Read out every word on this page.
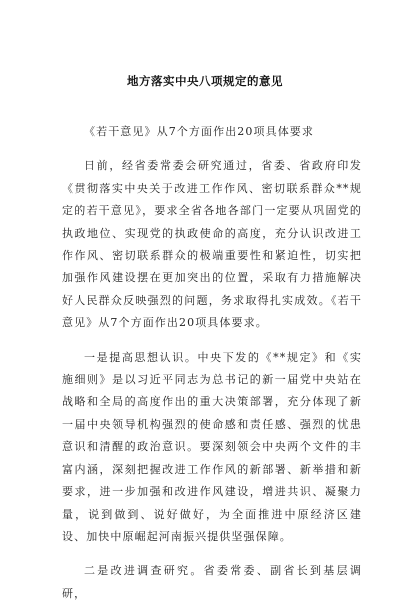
地方落实中央八项规定的意见

《若干意见》从7个方面作出20项具体要求

日前，经省委常委会研究通过，省委、省政府印发《贯彻落实中央关于改进工作作风、密切联系群众**规定的若干意见》，要求全省各地各部门一定要从巩固党的执政地位、实现党的执政使命的高度，充分认识改进工作作风、密切联系群众的极端重要性和紧迫性，切实把加强作风建设摆在更加突出的位置，采取有力措施解决好人民群众反映强烈的问题，务求取得扎实成效。《若干意见》从7个方面作出20项具体要求。

一是提高思想认识。中央下发的《**规定》和《实施细则》是以习近平同志为总书记的新一届党中央站在战略和全局的高度作出的重大决策部署，充分体现了新一届中央领导机构强烈的使命感和责任感、强烈的忧患意识和清醒的政治意识。要深刻领会中央两个文件的丰富内涵，深刻把握改进工作作风的新部署、新举措和新要求，进一步加强和改进作风建设，增进共识、凝聚力量，说到做到、说好做好，为全面推进中原经济区建设、加快中原崛起河南振兴提供坚强保障。

二是改进调查研究。省委常委、副省长到基层调研，
